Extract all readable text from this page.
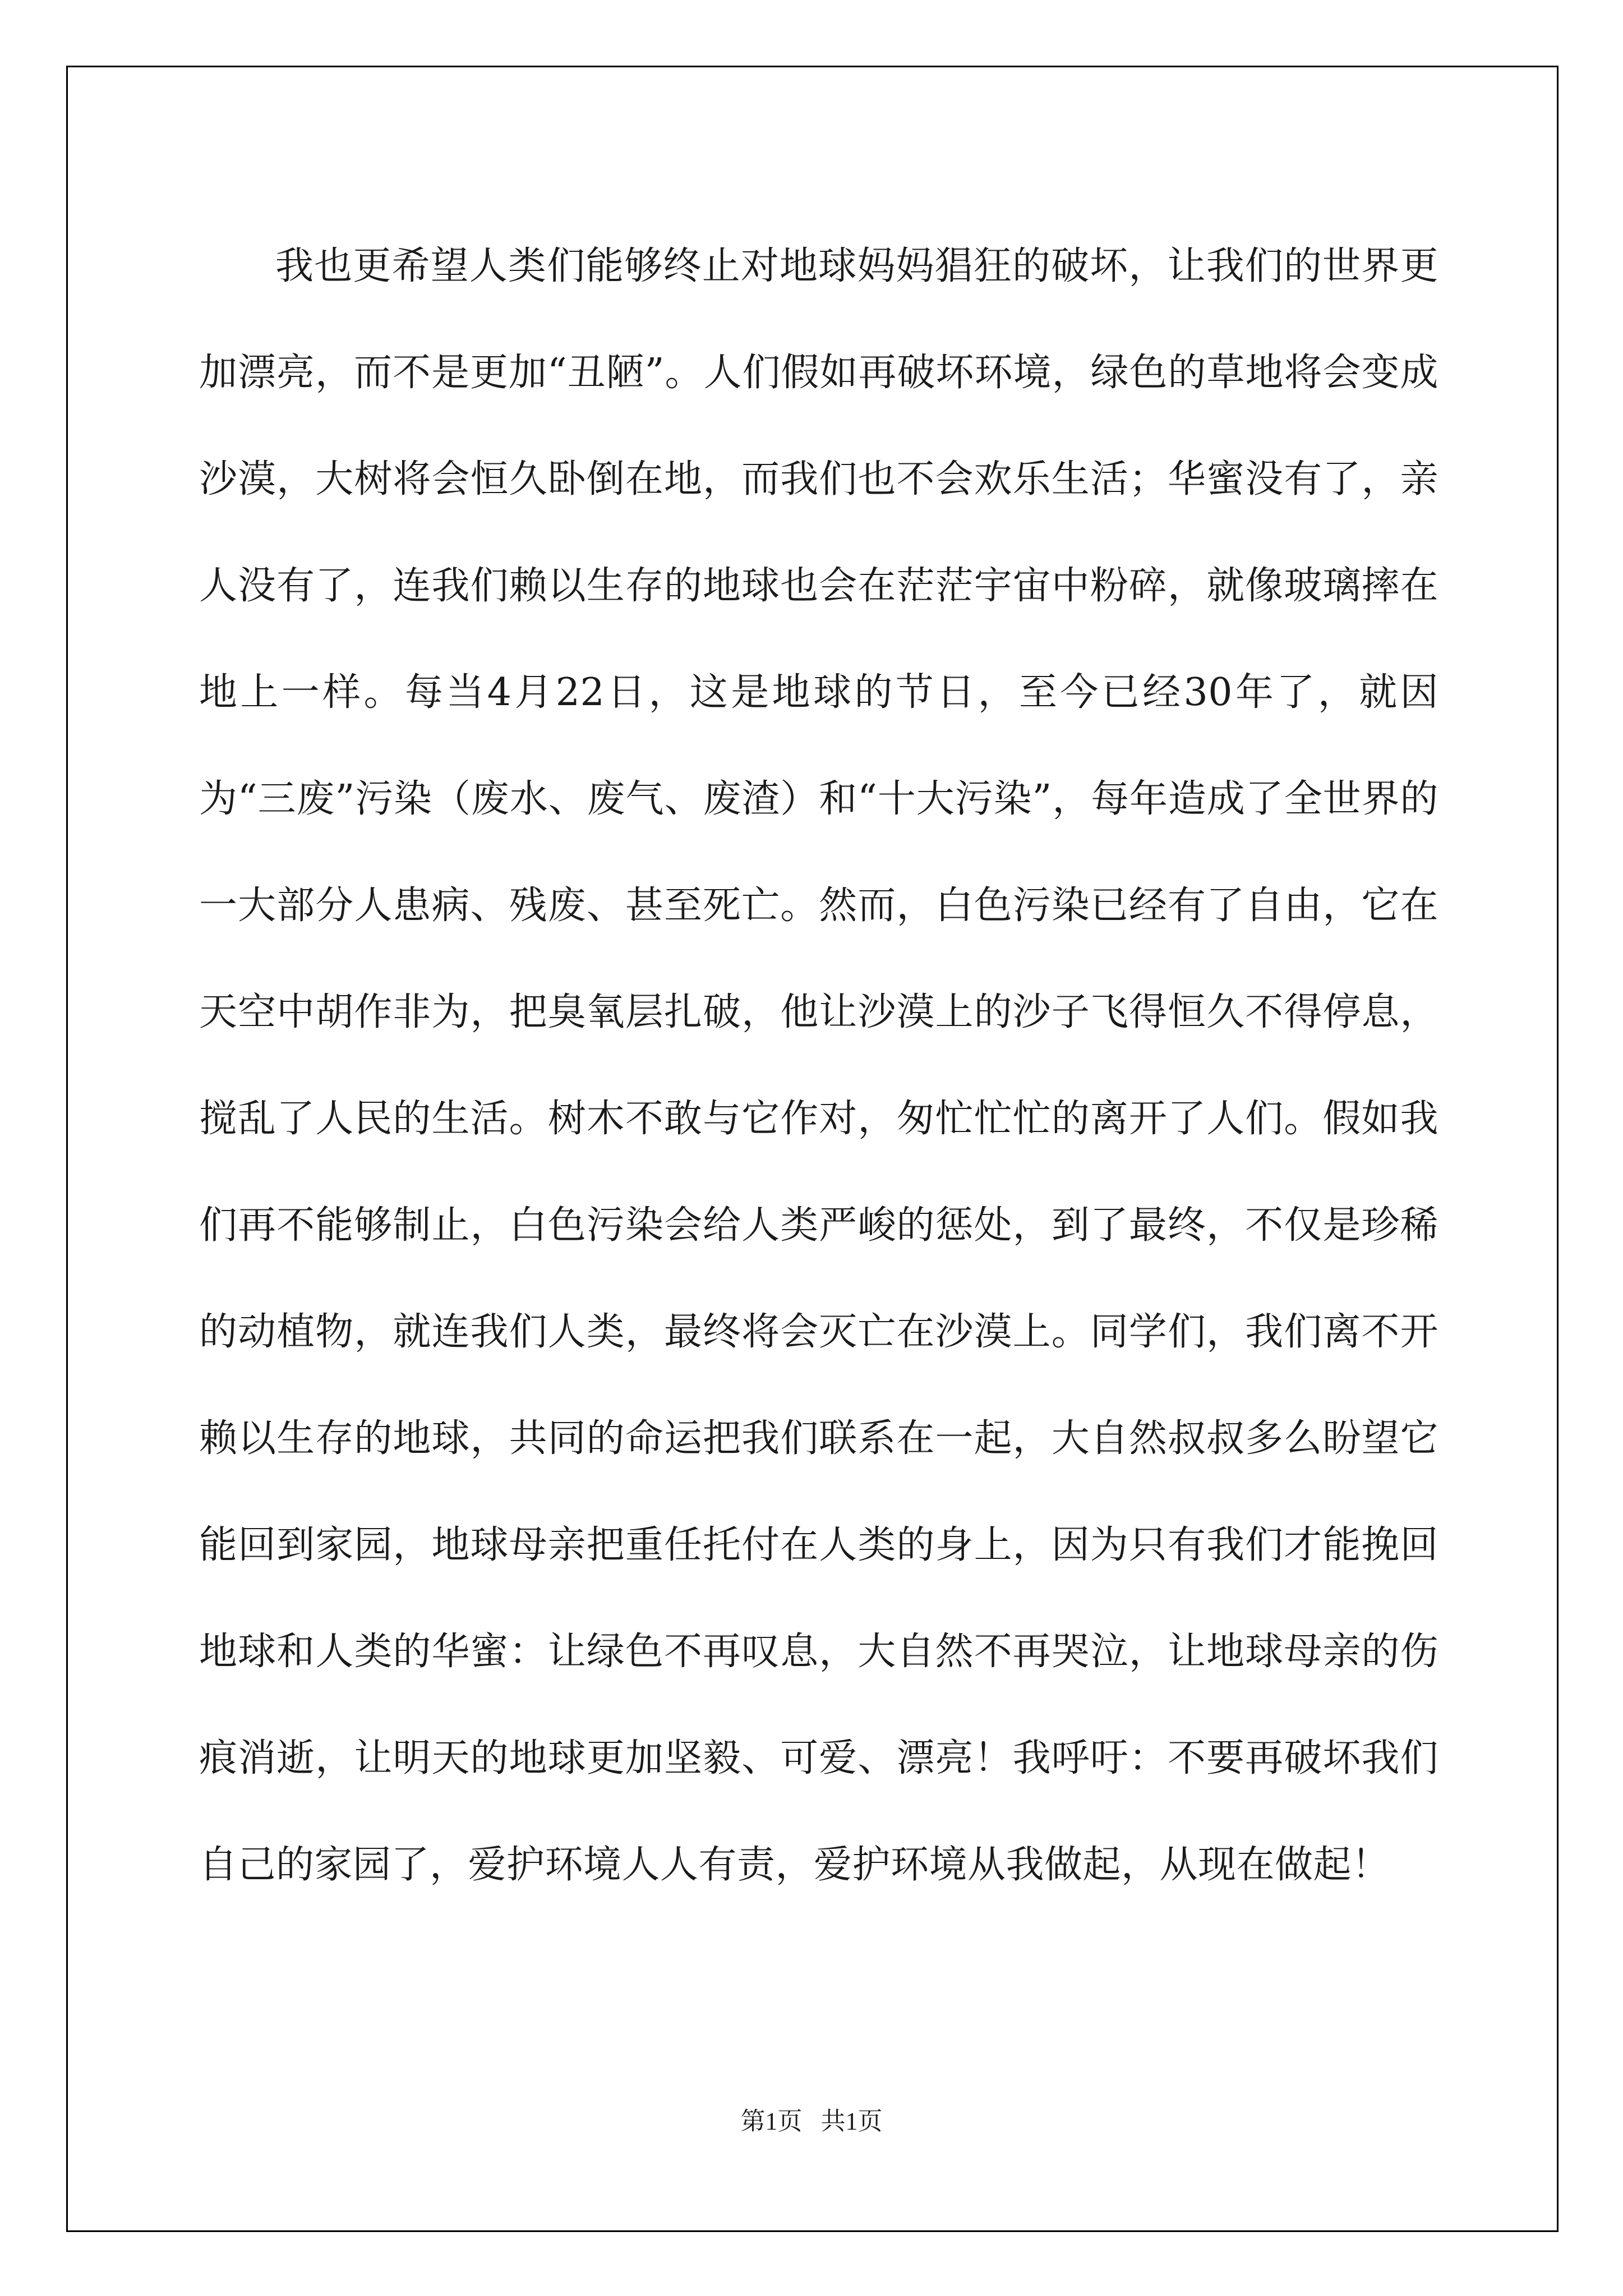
我也更希望人类们能够终止对地球妈妈猖狂的破坏，让我们的世界更加漂亮，而不是更加“丑陋”。人们假如再破坏环境，绿色的草地将会变成沙漠，大树将会恒久卧倒在地，而我们也不会欢乐生活；华蜜没有了，亲人没有了，连我们赖以生存的地球也会在茫茫宇宙中粉碎，就像玻璃摔在地上一样。每当4月22日，这是地球的节日，至今已经30年了，就因为“三废”污染（废水、废气、废渣）和“十大污染”，每年造成了全世界的一大部分人患病、残废、甚至死亡。然而，白色污染已经有了自由，它在天空中胡作非为，把臭氧层扎破，他让沙漠上的沙子飞得恒久不得停息，搅乱了人民的生活。树木不敢与它作对，匆忙忙忙的离开了人们。假如我们再不能够制止，白色污染会给人类严峻的惩处，到了最终，不仅是珍稀的动植物，就连我们人类，最终将会灭亡在沙漠上。同学们，我们离不开赖以生存的地球，共同的命运把我们联系在一起，大自然叔叔多么盼望它能回到家园，地球母亲把重任托付在人类的身上，因为只有我们才能挽回地球和人类的华蜜：让绿色不再叹息，大自然不再哭泣，让地球母亲的伤痕消逝，让明天的地球更加坚毅、可爱、漂亮！我呼吁：不要再破坏我们自己的家园了，爱护环境人人有责，爱护环境从我做起，从现在做起！

第1页   共1页
